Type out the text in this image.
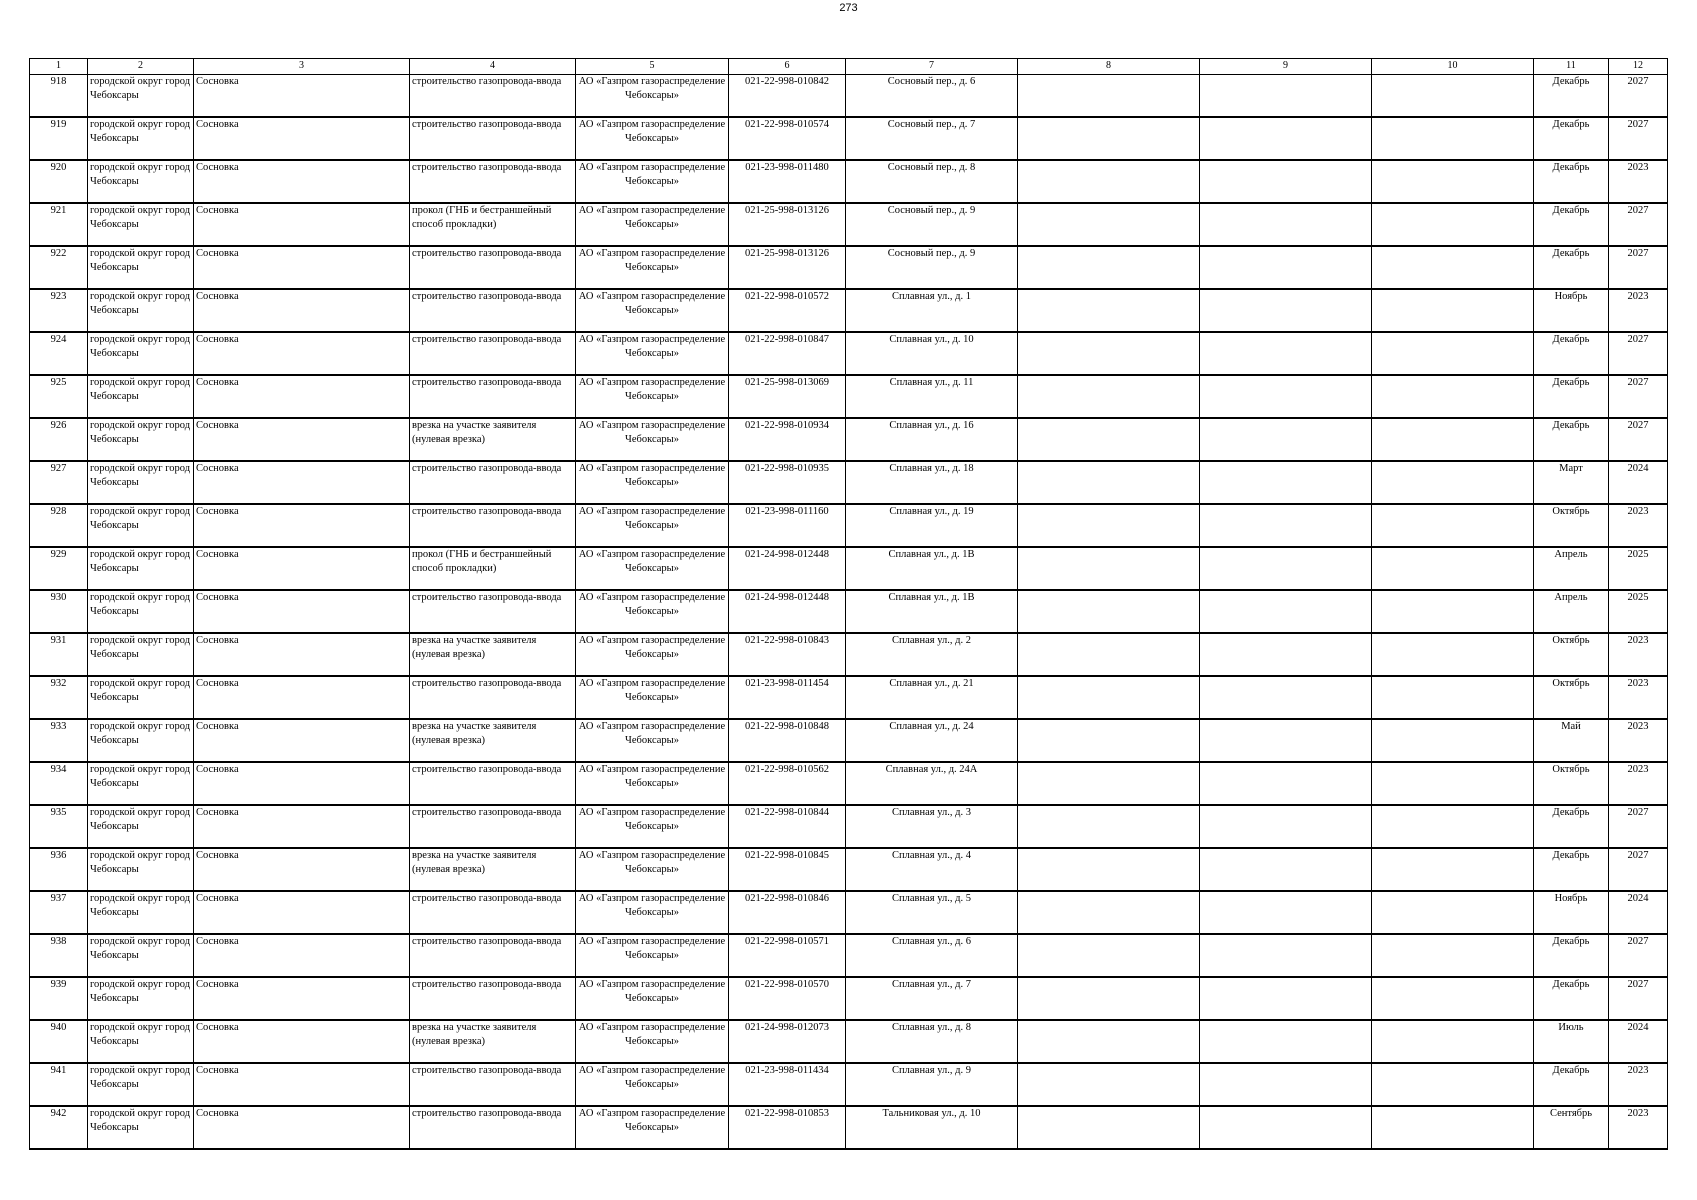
273
1	2	3	4	5	6	7	8	9	10	11	12
918	городской округ город Чебоксары	Сосновка	строительство газопровода-ввода	АО «Газпром газораспределение Чебоксары»	021-22-998-010842	Сосновый пер., д. 6				Декабрь	2027
919	городской округ город Чебоксары	Сосновка	строительство газопровода-ввода	АО «Газпром газораспределение Чебоксары»	021-22-998-010574	Сосновый пер., д. 7				Декабрь	2027
920	городской округ город Чебоксары	Сосновка	строительство газопровода-ввода	АО «Газпром газораспределение Чебоксары»	021-23-998-011480	Сосновый пер., д. 8				Декабрь	2023
921	городской округ город Чебоксары	Сосновка	прокол (ГНБ и бестраншейный способ прокладки)	АО «Газпром газораспределение Чебоксары»	021-25-998-013126	Сосновый пер., д. 9				Декабрь	2027
922	городской округ город Чебоксары	Сосновка	строительство газопровода-ввода	АО «Газпром газораспределение Чебоксары»	021-25-998-013126	Сосновый пер., д. 9				Декабрь	2027
923	городской округ город Чебоксары	Сосновка	строительство газопровода-ввода	АО «Газпром газораспределение Чебоксары»	021-22-998-010572	Сплавная ул., д. 1				Ноябрь	2023
924	городской округ город Чебоксары	Сосновка	строительство газопровода-ввода	АО «Газпром газораспределение Чебоксары»	021-22-998-010847	Сплавная ул., д. 10				Декабрь	2027
925	городской округ город Чебоксары	Сосновка	строительство газопровода-ввода	АО «Газпром газораспределение Чебоксары»	021-25-998-013069	Сплавная ул., д. 11				Декабрь	2027
926	городской округ город Чебоксары	Сосновка	врезка на участке заявителя (нулевая врезка)	АО «Газпром газораспределение Чебоксары»	021-22-998-010934	Сплавная ул., д. 16				Декабрь	2027
927	городской округ город Чебоксары	Сосновка	строительство газопровода-ввода	АО «Газпром газораспределение Чебоксары»	021-22-998-010935	Сплавная ул., д. 18				Март	2024
928	городской округ город Чебоксары	Сосновка	строительство газопровода-ввода	АО «Газпром газораспределение Чебоксары»	021-23-998-011160	Сплавная ул., д. 19				Октябрь	2023
929	городской округ город Чебоксары	Сосновка	прокол (ГНБ и бестраншейный способ прокладки)	АО «Газпром газораспределение Чебоксары»	021-24-998-012448	Сплавная ул., д. 1В				Апрель	2025
930	городской округ город Чебоксары	Сосновка	строительство газопровода-ввода	АО «Газпром газораспределение Чебоксары»	021-24-998-012448	Сплавная ул., д. 1В				Апрель	2025
931	городской округ город Чебоксары	Сосновка	врезка на участке заявителя (нулевая врезка)	АО «Газпром газораспределение Чебоксары»	021-22-998-010843	Сплавная ул., д. 2				Октябрь	2023
932	городской округ город Чебоксары	Сосновка	строительство газопровода-ввода	АО «Газпром газораспределение Чебоксары»	021-23-998-011454	Сплавная ул., д. 21				Октябрь	2023
933	городской округ город Чебоксары	Сосновка	врезка на участке заявителя (нулевая врезка)	АО «Газпром газораспределение Чебоксары»	021-22-998-010848	Сплавная ул., д. 24				Май	2023
934	городской округ город Чебоксары	Сосновка	строительство газопровода-ввода	АО «Газпром газораспределение Чебоксары»	021-22-998-010562	Сплавная ул., д. 24А				Октябрь	2023
935	городской округ город Чебоксары	Сосновка	строительство газопровода-ввода	АО «Газпром газораспределение Чебоксары»	021-22-998-010844	Сплавная ул., д. 3				Декабрь	2027
936	городской округ город Чебоксары	Сосновка	врезка на участке заявителя (нулевая врезка)	АО «Газпром газораспределение Чебоксары»	021-22-998-010845	Сплавная ул., д. 4				Декабрь	2027
937	городской округ город Чебоксары	Сосновка	строительство газопровода-ввода	АО «Газпром газораспределение Чебоксары»	021-22-998-010846	Сплавная ул., д. 5				Ноябрь	2024
938	городской округ город Чебоксары	Сосновка	строительство газопровода-ввода	АО «Газпром газораспределение Чебоксары»	021-22-998-010571	Сплавная ул., д. 6				Декабрь	2027
939	городской округ город Чебоксары	Сосновка	строительство газопровода-ввода	АО «Газпром газораспределение Чебоксары»	021-22-998-010570	Сплавная ул., д. 7				Декабрь	2027
940	городской округ город Чебоксары	Сосновка	врезка на участке заявителя (нулевая врезка)	АО «Газпром газораспределение Чебоксары»	021-24-998-012073	Сплавная ул., д. 8				Июль	2024
941	городской округ город Чебоксары	Сосновка	строительство газопровода-ввода	АО «Газпром газораспределение Чебоксары»	021-23-998-011434	Сплавная ул., д. 9				Декабрь	2023
942	городской округ город Чебоксары	Сосновка	строительство газопровода-ввода	АО «Газпром газораспределение Чебоксары»	021-22-998-010853	Тальниковая ул., д. 10				Сентябрь	2023
